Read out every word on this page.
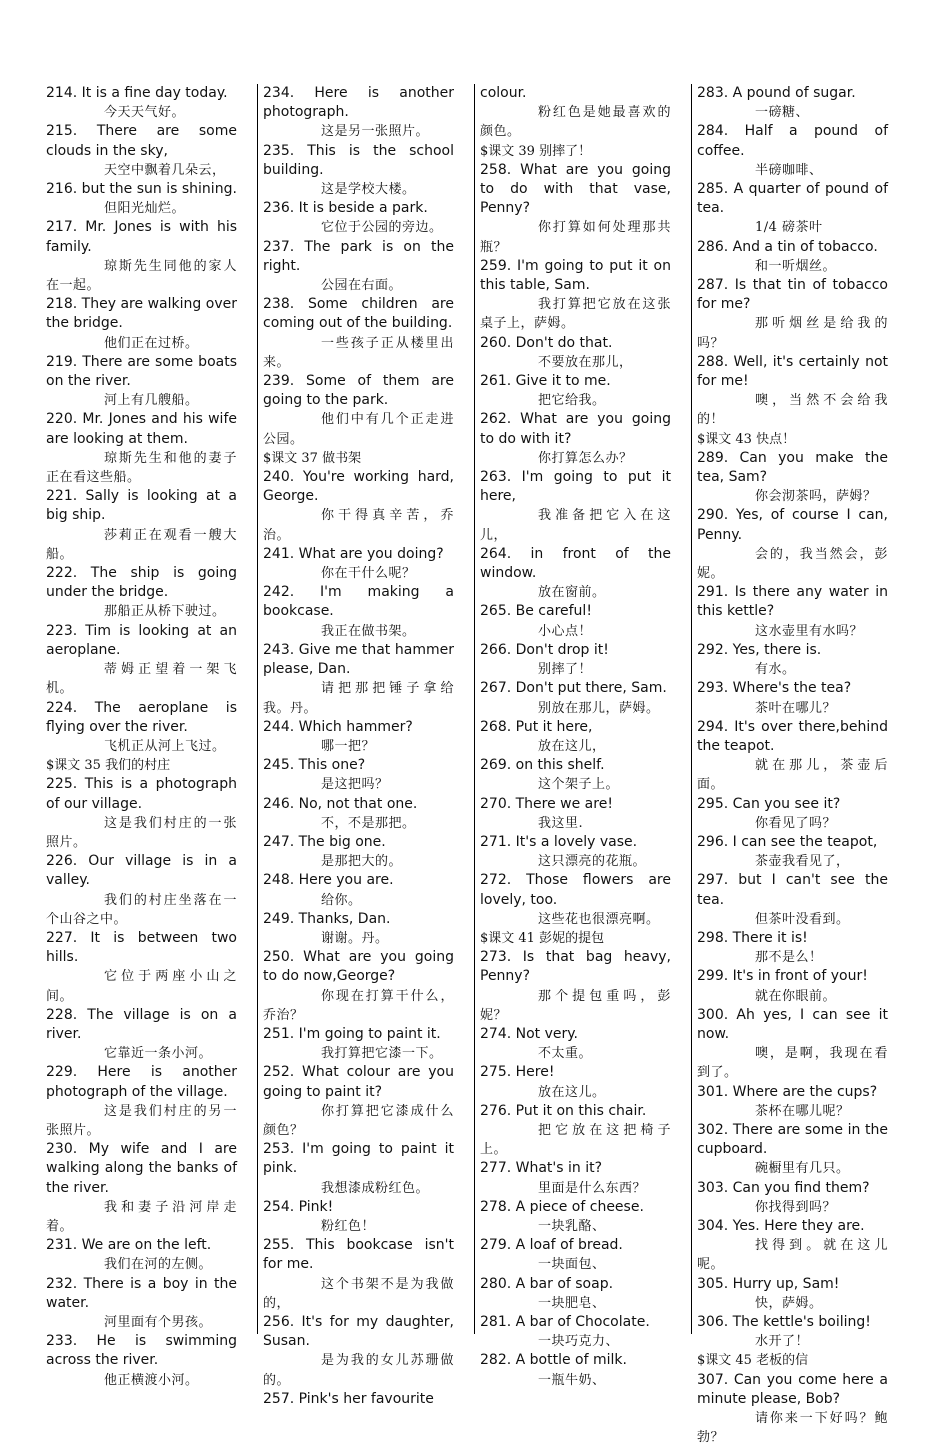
214. It is a fine day today.

今天天气好。

215. There are some clouds in the sky,

天空中飘着几朵云，

216. but the sun is shining.

但阳光灿烂。

217. Mr. Jones is with his family.

琼斯先生同他的家人在一起。

218. They are walking over the bridge.

他们正在过桥。

219. There are some boats on the river.

河上有几艘船。

220. Mr. Jones and his wife are looking at them.

琼斯先生和他的妻子正在看这些船。

221. Sally is looking at a big ship.

莎莉正在观看一艘大船。

222. The ship is going under the bridge.

那船正从桥下驶过。

223. Tim is looking at an aeroplane.

蒂姆正望着一架飞机。

224. The aeroplane is flying over the river.

飞机正从河上飞过。

$课文 35 我们的村庄

225. This is a photograph of our village.

这是我们村庄的一张照片。

226. Our village is in a valley.

我们的村庄坐落在一个山谷之中。

227. It is between two hills.

它位于两座小山之间。

228. The village is on a river.

它靠近一条小河。

229. Here is another photograph of the village.

这是我们村庄的另一张照片。

230. My wife and I are walking along the banks of the river.

我和妻子沿河岸走着。

231. We are on the left.

我们在河的左侧。

232. There is a boy in the water.

河里面有个男孩。

233. He is swimming across the river.

他正横渡小河。

234. Here is another photograph.

这是另一张照片。

235. This is the school building.

这是学校大楼。

236. It is beside a park.

它位于公园的旁边。

237. The park is on the right.

公园在右面。

238. Some children are coming out of the building.

一些孩子正从楼里出来。

239. Some of them are going to the park.

他们中有几个正走进公园。

$课文 37 做书架

240. You're working hard, George.

你干得真辛苦，乔治。

241. What are you doing?

你在干什么呢？

242. I'm making a bookcase.

我正在做书架。

243. Give me that hammer please, Dan.

请把那把锤子拿给我。丹。

244. Which hammer?

哪一把？

245. This one?

是这把吗？

246. No, not that one.

不，不是那把。

247. The big one.

是那把大的。

248. Here you are.

给你。

249. Thanks, Dan.

谢谢。丹。

250. What are you going to do now,George?

你现在打算干什么，乔治？

251. I'm going to paint it.

我打算把它漆一下。

252. What colour are you going to paint it?

你打算把它漆成什么颜色？

253. I'm going to paint it pink.

我想漆成粉红色。

254. Pink!

粉红色！

255. This bookcase isn't for me.

这个书架不是为我做的，

256. It's for my daughter, Susan.

是为我的女儿苏珊做的。

257. Pink's her favourite

colour.

粉红色是她最喜欢的颜色。

$课文 39 别摔了！

258. What are you going to do with that vase, Penny?

你打算如何处理那共瓶？

259. I'm going to put it on this table, Sam.

我打算把它放在这张桌子上，萨姆。

260. Don't do that.

不要放在那儿，

261. Give it to me.

把它给我。

262. What are you going to do with it?

你打算怎么办？

263. I'm going to put it here,

我准备把它入在这儿，

264. in front of the window.

放在窗前。

265. Be careful!

小心点！

266. Don't drop it!

别摔了！

267. Don't put there, Sam.

别放在那儿，萨姆。

268. Put it here,

放在这儿，

269. on this shelf.

这个架子上。

270. There we are!

我这里.

271. It's a lovely vase.

这只漂亮的花瓶。

272. Those flowers are lovely, too.

这些花也很漂亮啊。

$课文 41 彭妮的提包

273. Is that bag heavy, Penny?

那个提包重吗，彭妮？

274. Not very.

不太重。

275. Here!

放在这儿。

276. Put it on this chair.

把它放在这把椅子上。

277. What's in it?

里面是什么东西？

278. A piece of cheese.

一块乳酪、

279. A loaf of bread.

一块面包、

280. A bar of soap.

一块肥皂、

281. A bar of Chocolate.

一块巧克力、

282. A bottle of milk.

一瓶牛奶、

283. A pound of sugar.

一磅糖、

284. Half a pound of coffee.

半磅咖啡、

285. A quarter of pound of tea.

1/4 磅茶叶

286. And a tin of tobacco.

和一听烟丝。

287. Is that tin of tobacco for me?

那听烟丝是给我的吗？

288. Well, it's certainly not for me!

噢，当然不会给我的！

$课文 43 快点！

289. Can you make the tea, Sam?

你会沏茶吗，萨姆？

290. Yes, of course I can, Penny.

会的，我当然会，彭妮。

291. Is there any water in this kettle?

这水壶里有水吗？

292. Yes, there is.

有水。

293. Where's the tea?

茶叶在哪儿？

294. It's over there,behind the teapot.

就在那儿，茶壶后面。

295. Can you see it?

你看见了吗？

296. I can see the teapot,

茶壶我看见了，

297. but I can't see the tea.

但茶叶没看到。

298. There it is!

那不是么！

299. It's in front of your!

就在你眼前。

300. Ah yes, I can see it now.

噢，是啊，我现在看到了。

301. Where are the cups?

茶杯在哪儿呢？

302. There are some in the cupboard.

碗橱里有几只。

303. Can you find them?

你找得到吗？

304. Yes. Here they are.

找得到。就在这儿呢。

305. Hurry up, Sam!

快，萨姆。

306. The kettle's boiling!

水开了！

$课文 45 老板的信

307. Can you come here a minute please, Bob?

请你来一下好吗？鲍勃？
